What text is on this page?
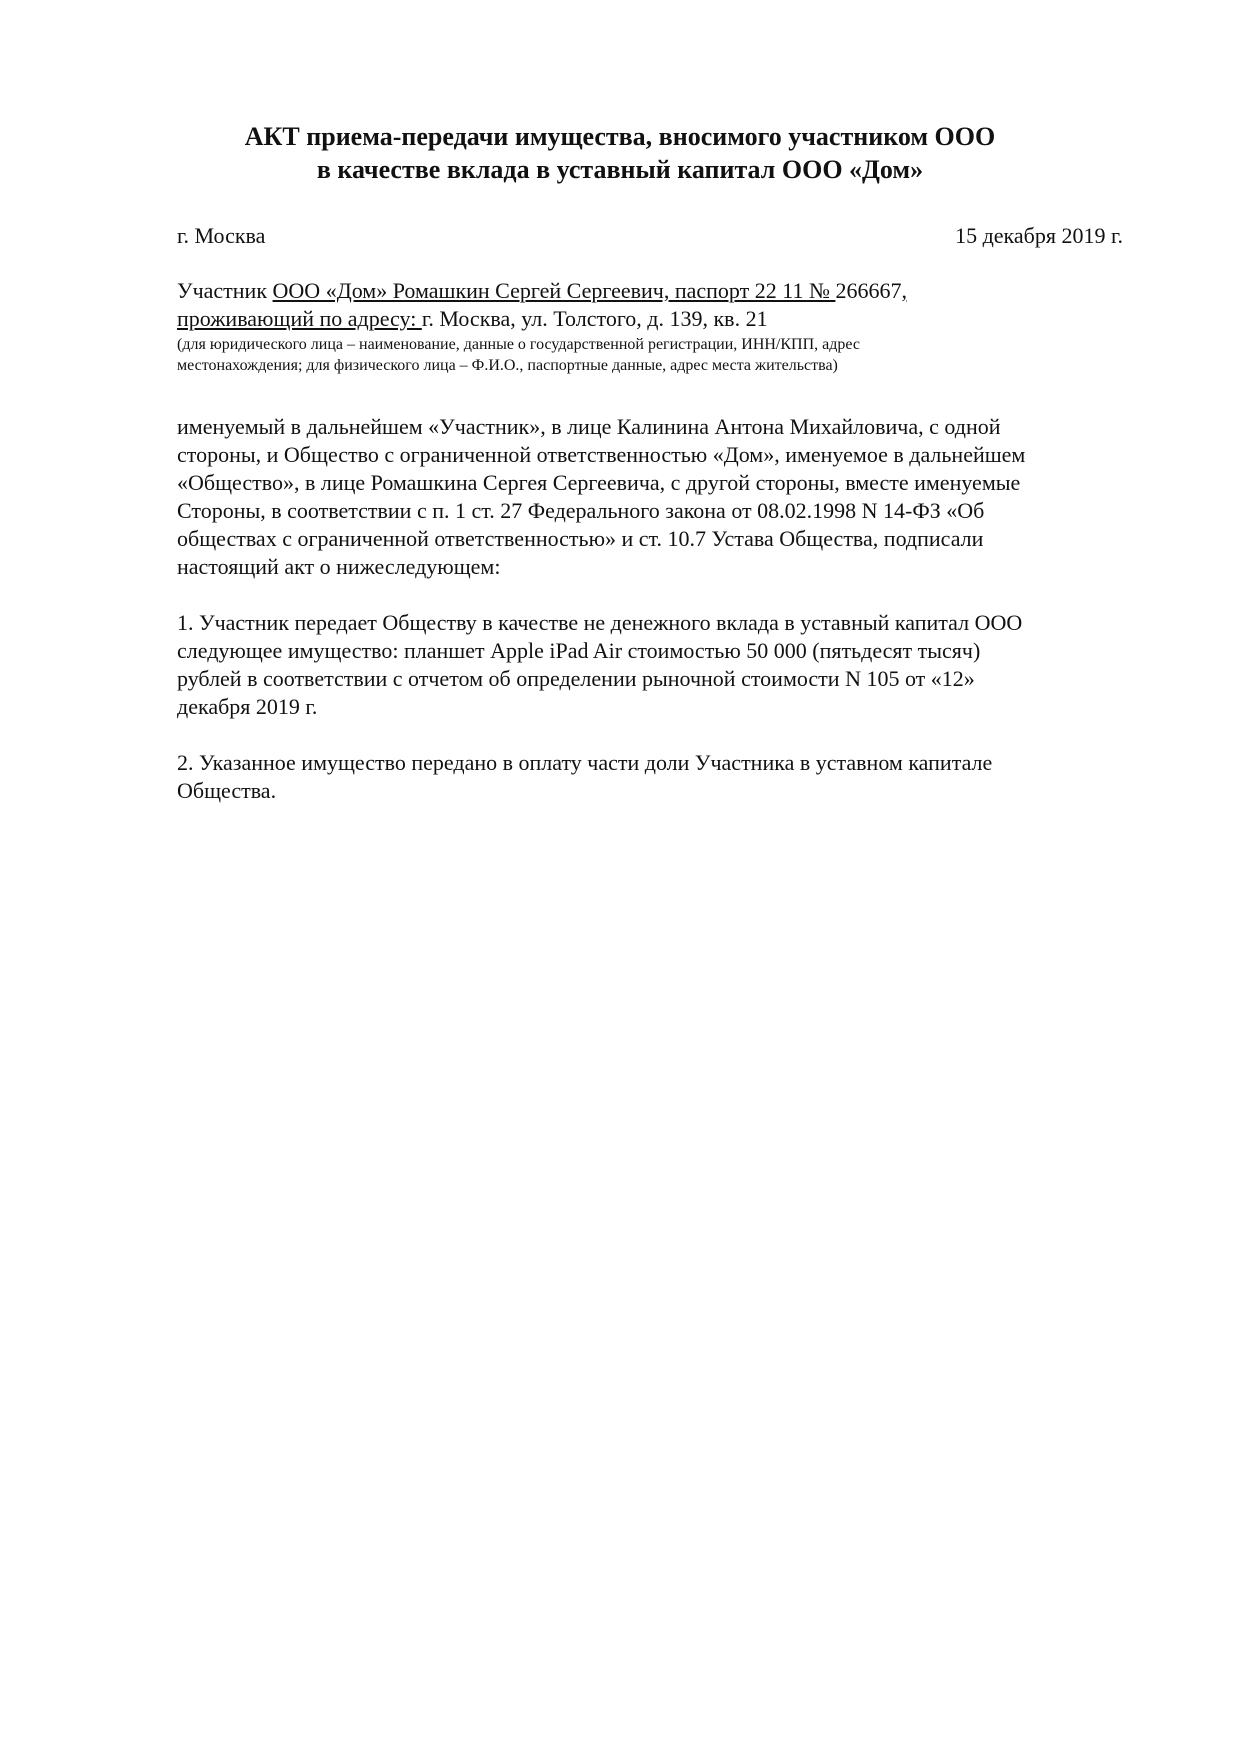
АКТ приема-передачи имущества, вносимого участником ООО
в качестве вклада в уставный капитал ООО «Дом»
г. Москва	15 декабря 2019 г.
Участник ООО «Дом» Ромашкин Сергей Сергеевич, паспорт 22 11 № 266667,
проживающий по адресу: г. Москва, ул. Толстого, д. 139, кв. 21
(для юридического лица – наименование, данные о государственной регистрации, ИНН/КПП, адрес
местонахождения; для физического лица – Ф.И.О., паспортные данные, адрес места жительства)
именуемый в дальнейшем «Участник», в лице Калинина Антона Михайловича, с одной
стороны, и Общество с ограниченной ответственностью «Дом», именуемое в дальнейшем
«Общество», в лице Ромашкина Сергея Сергеевича, с другой стороны, вместе именуемые
Стороны, в соответствии с п. 1 ст. 27 Федерального закона от 08.02.1998 N 14-ФЗ «Об
обществах с ограниченной ответственностью» и ст. 10.7 Устава Общества, подписали
настоящий акт о нижеследующем:
1. Участник передает Обществу в качестве не денежного вклада в уставный капитал ООО
следующее имущество: планшет Apple iPad Air стоимостью 50 000 (пятьдесят тысяч)
рублей в соответствии с отчетом об определении рыночной стоимости N 105 от «12»
декабря 2019 г.
2. Указанное имущество передано в оплату части доли Участника в уставном капитале
Общества.
